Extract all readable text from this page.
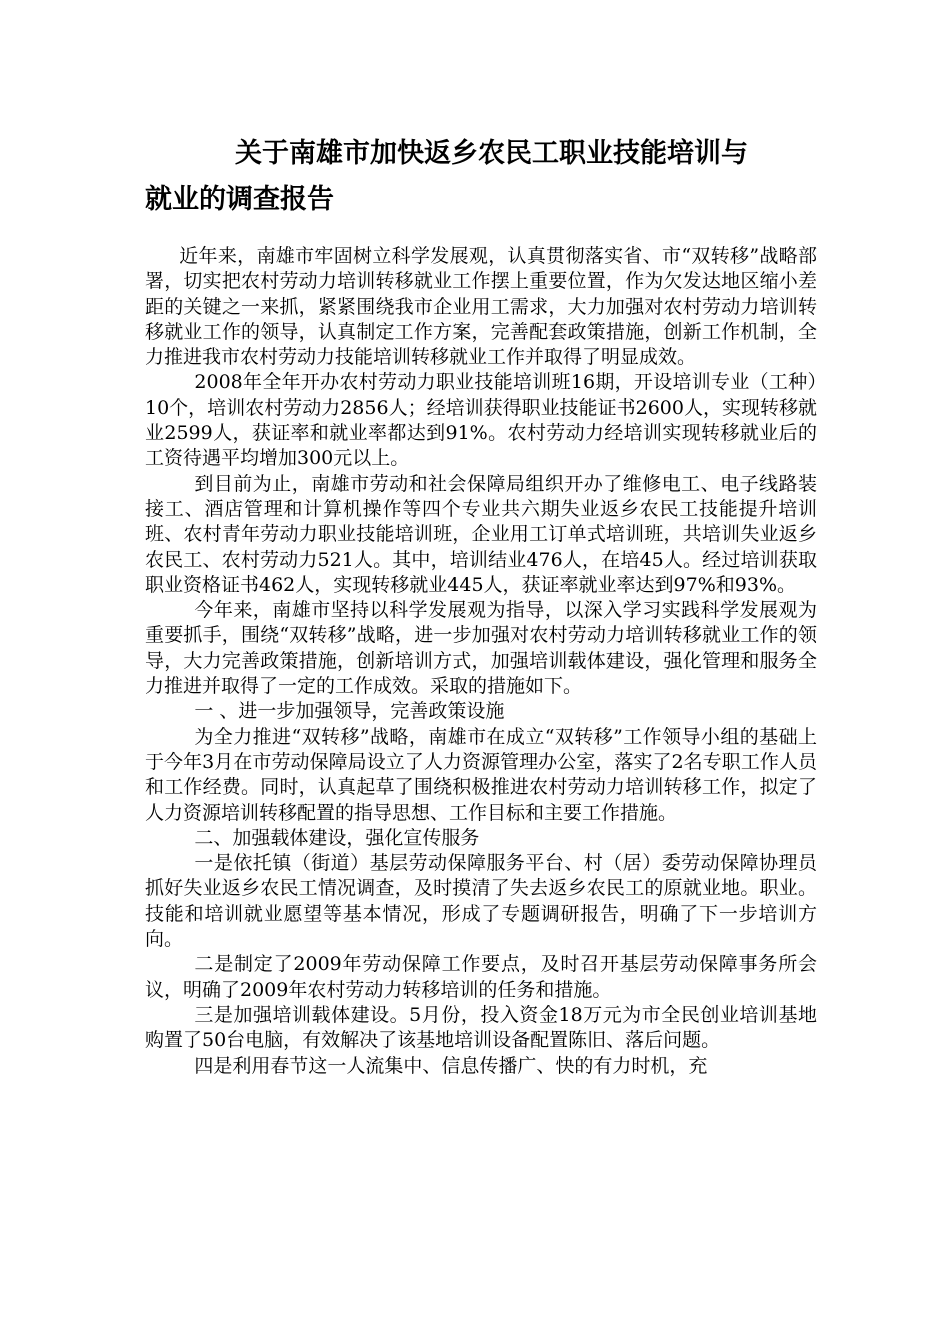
关于南雄市加快返乡农民工职业技能培训与
就业的调查报告

近年来，南雄市牢固树立科学发展观，认真贯彻落实省、市“双转移”战略部署，切实把农村劳动力培训转移就业工作摆上重要位置，作为欠发达地区缩小差距的关键之一来抓，紧紧围绕我市企业用工需求，大力加强对农村劳动力培训转移就业工作的领导，认真制定工作方案，完善配套政策措施，创新工作机制，全力推进我市农村劳动力技能培训转移就业工作并取得了明显成效。

2008年全年开办农村劳动力职业技能培训班16期，开设培训专业（工种）10个，培训农村劳动力2856人；经培训获得职业技能证书2600人，实现转移就业2599人，获证率和就业率都达到91%。农村劳动力经培训实现转移就业后的工资待遇平均增加300元以上。

到目前为止，南雄市劳动和社会保障局组织开办了维修电工、电子线路装接工、酒店管理和计算机操作等四个专业共六期失业返乡农民工技能提升培训班、农村青年劳动力职业技能培训班，企业用工订单式培训班，共培训失业返乡农民工、农村劳动力521人。其中，培训结业476人，在培45人。经过培训获取职业资格证书462人，实现转移就业445人，获证率就业率达到97%和93%。

今年来，南雄市坚持以科学发展观为指导，以深入学习实践科学发展观为重要抓手，围绕“双转移”战略，进一步加强对农村劳动力培训转移就业工作的领导，大力完善政策措施，创新培训方式，加强培训载体建设，强化管理和服务全力推进并取得了一定的工作成效。采取的措施如下。

一 、进一步加强领导，完善政策设施

为全力推进“双转移”战略，南雄市在成立“双转移”工作领导小组的基础上于今年3月在市劳动保障局设立了人力资源管理办公室，落实了2名专职工作人员和工作经费。同时，认真起草了围绕积极推进农村劳动力培训转移工作，拟定了人力资源培训转移配置的指导思想、工作目标和主要工作措施。

二、加强载体建设，强化宣传服务

一是依托镇（街道）基层劳动保障服务平台、村（居）委劳动保障协理员抓好失业返乡农民工情况调查，及时摸清了失去返乡农民工的原就业地。职业。技能和培训就业愿望等基本情况，形成了专题调研报告，明确了下一步培训方向。

二是制定了2009年劳动保障工作要点，及时召开基层劳动保障事务所会议，明确了2009年农村劳动力转移培训的任务和措施。

三是加强培训载体建设。5月份，投入资金18万元为市全民创业培训基地购置了50台电脑，有效解决了该基地培训设备配置陈旧、落后问题。

四是利用春节这一人流集中、信息传播广、快的有力时机，充
